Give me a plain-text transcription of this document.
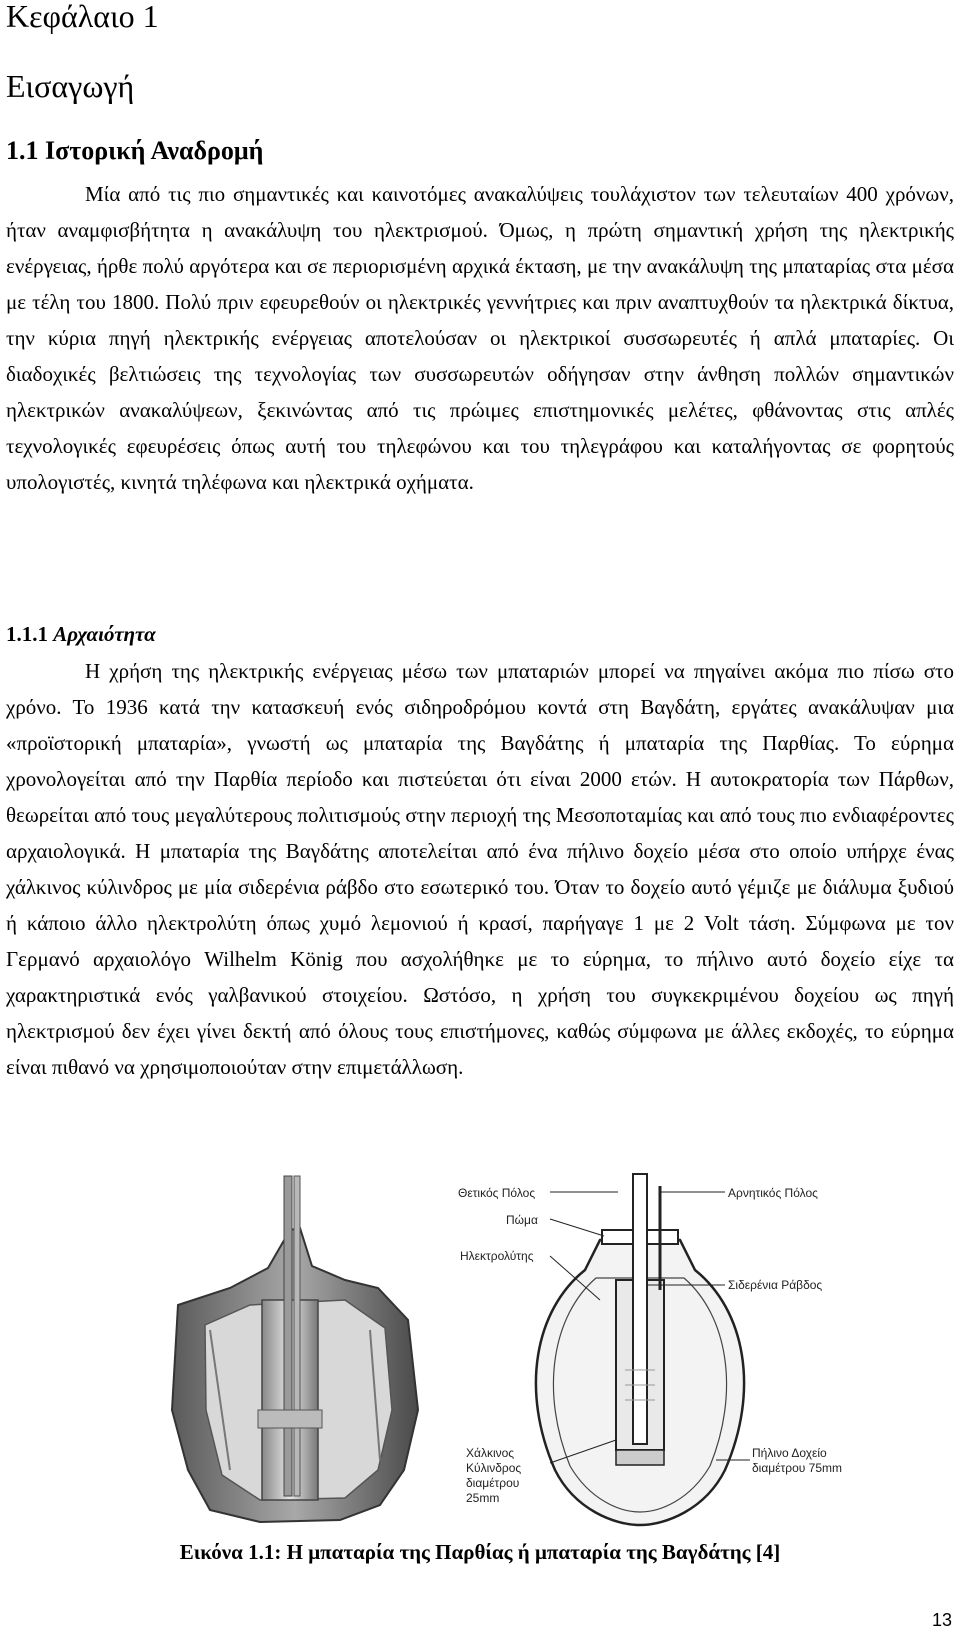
Κεφάλαιο 1
Εισαγωγή
1.1 Ιστορική Αναδρομή

Μία από τις πιο σημαντικές και καινοτόμες ανακαλύψεις τουλάχιστον των τελευταίων 400 χρόνων, ήταν αναμφισβήτητα η ανακάλυψη του ηλεκτρισμού. Όμως, η πρώτη σημαντική χρήση της ηλεκτρικής ενέργειας, ήρθε πολύ αργότερα και σε περιορισμένη αρχικά έκταση, με την ανακάλυψη της μπαταρίας στα μέσα με τέλη του 1800. Πολύ πριν εφευρεθούν οι ηλεκτρικές γεννήτριες και πριν αναπτυχθούν τα ηλεκτρικά δίκτυα, την κύρια πηγή ηλεκτρικής ενέργειας αποτελούσαν οι ηλεκτρικοί συσσωρευτές ή απλά μπαταρίες. Οι διαδοχικές βελτιώσεις της τεχνολογίας των συσσωρευτών οδήγησαν στην άνθηση πολλών σημαντικών ηλεκτρικών ανακαλύψεων, ξεκινώντας από τις πρώιμες επιστημονικές μελέτες, φθάνοντας στις απλές τεχνολογικές εφευρέσεις όπως αυτή του τηλεφώνου και του τηλεγράφου και καταλήγοντας σε φορητούς υπολογιστές, κινητά τηλέφωνα και ηλεκτρικά οχήματα.

1.1.1 Αρχαιότητα

Η χρήση της ηλεκτρικής ενέργειας μέσω των μπαταριών μπορεί να πηγαίνει ακόμα πιο πίσω στο χρόνο. Το 1936 κατά την κατασκευή ενός σιδηροδρόμου κοντά στη Βαγδάτη, εργάτες ανακάλυψαν μια «προϊστορική μπαταρία», γνωστή ως μπαταρία της Βαγδάτης ή μπαταρία της Παρθίας. Το εύρημα χρονολογείται από την Παρθία περίοδο και πιστεύεται ότι είναι 2000 ετών. Η αυτοκρατορία των Πάρθων, θεωρείται από τους μεγαλύτερους πολιτισμούς στην περιοχή της Μεσοποταμίας και από τους πιο ενδιαφέροντες αρχαιολογικά. Η μπαταρία της Βαγδάτης αποτελείται από ένα πήλινο δοχείο μέσα στο οποίο υπήρχε ένας χάλκινος κύλινδρος με μία σιδερένια ράβδο στο εσωτερικό του. Όταν το δοχείο αυτό γέμιζε με διάλυμα ξυδιού ή κάποιο άλλο ηλεκτρολύτη όπως χυμό λεμονιού ή κρασί, παρήγαγε 1 με 2 Volt τάση. Σύμφωνα με τον Γερμανό αρχαιολόγο Wilhelm König που ασχολήθηκε με το εύρημα, το πήλινο αυτό δοχείο είχε τα χαρακτηριστικά ενός γαλβανικού στοιχείου. Ωστόσο, η χρήση του συγκεκριμένου δοχείου ως πηγή ηλεκτρισμού δεν έχει γίνει δεκτή από όλους τους επιστήμονες, καθώς σύμφωνα με άλλες εκδοχές, το εύρημα είναι πιθανό να χρησιμοποιούταν στην επιμετάλλωση.

Θετικός Πόλος	Αρνητικός Πόλος
Πώμα
Ηλεκτρολύτης
Σιδερένια Ράβδος
Χάλκινος
Κύλινδρος
διαμέτρου
25mm
Πήλινο Δοχείο
διαμέτρου 75mm

Εικόνα 1.1: Η μπαταρία της Παρθίας ή μπαταρία της Βαγδάτης [4]

13
